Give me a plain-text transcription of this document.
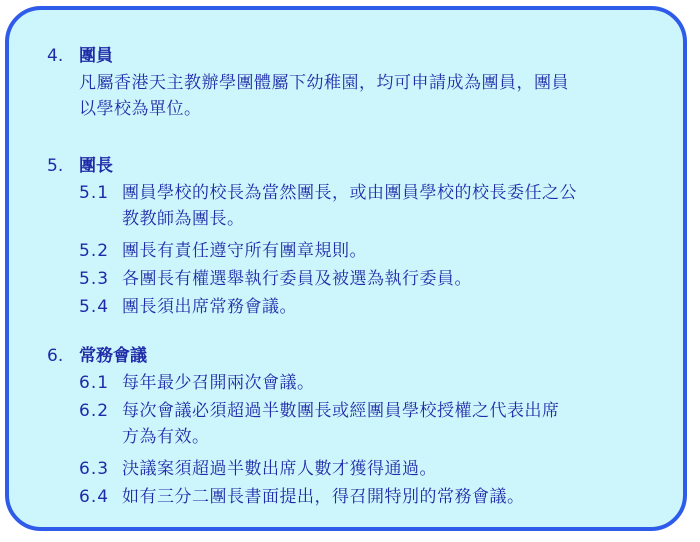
4. 團員
凡屬香港天主教辦學團體屬下幼稚園，均可申請成為團員，團員
以學校為單位。
5. 團長
5.1 團員學校的校長為當然團長，或由團員學校的校長委任之公
教教師為團長。
5.2 團長有責任遵守所有團章規則。
5.3 各團長有權選舉執行委員及被選為執行委員。
5.4 團長須出席常務會議。
6. 常務會議
6.1 每年最少召開兩次會議。
6.2 每次會議必須超過半數團長或經團員學校授權之代表出席
方為有效。
6.3 決議案須超過半數出席人數才獲得通過。
6.4 如有三分二團長書面提出，得召開特別的常務會議。
